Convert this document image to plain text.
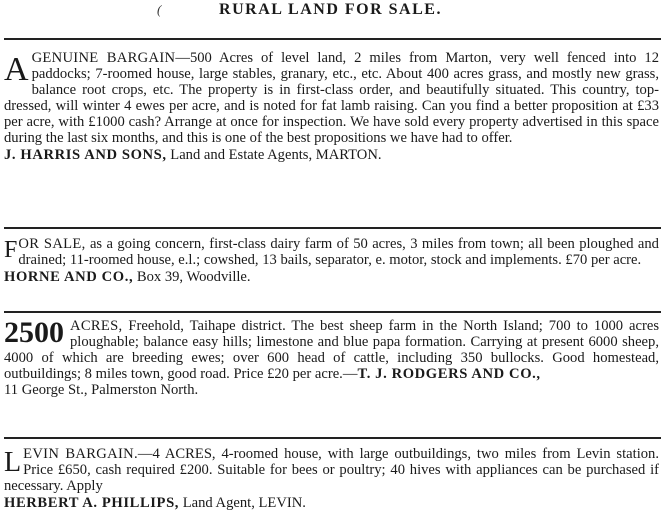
(	RURAL LAND FOR SALE.

A GENUINE BARGAIN—500 Acres of level land, 2 miles from Marton, very well fenced into 12 paddocks; 7-roomed house, large stables, granary, etc., etc. About 400 acres grass, and mostly new grass, balance root crops, etc. The property is in first-class order, and beautifully situated. This country, top-dressed, will winter 4 ewes per acre, and is noted for fat lamb raising. Can you find a better proposition at £33 per acre, with £1000 cash? Arrange at once for inspection. We have sold every property advertised in this space during the last six months, and this is one of the best propositions we have had to offer.

J. HARRIS AND SONS, Land and Estate Agents, MARTON.

FOR SALE, as a going concern, first-class dairy farm of 50 acres, 3 miles from town; all been ploughed and drained; 11-roomed house, e.l.; cowshed, 13 bails, separator, e. motor, stock and implements. £70 per acre.

HORNE AND CO., Box 39, Woodville.

2500 ACRES, Freehold, Taihape district. The best sheep farm in the North Island; 700 to 1000 acres ploughable; balance easy hills; limestone and blue papa formation. Carrying at present 6000 sheep, 4000 of which are breeding ewes; over 600 head of cattle, including 350 bullocks. Good homestead, outbuildings; 8 miles town, good road. Price £20 per acre.—T. J. RODGERS AND CO.,

11 George St., Palmerston North.

LEVIN BARGAIN.—4 ACRES, 4-roomed house, with large outbuildings, two miles from Levin station. Price £650, cash required £200. Suitable for bees or poultry; 40 hives with appliances can be purchased if necessary. Apply

HERBERT A. PHILLIPS, Land Agent, LEVIN.
